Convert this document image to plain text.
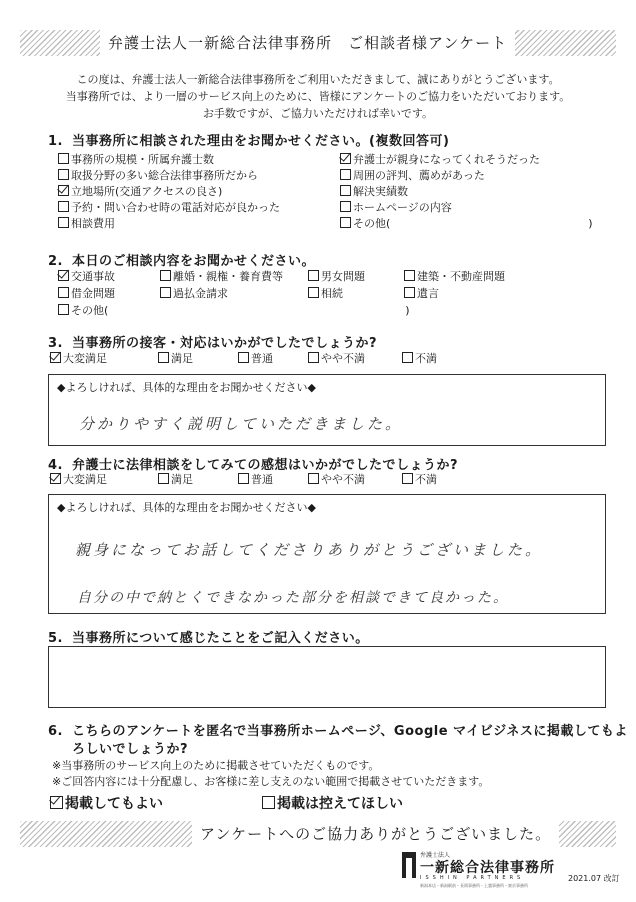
弁護士法人一新総合法律事務所　ご相談者様アンケート
この度は、弁護士法人一新総合法律事務所をご利用いただきまして、誠にありがとうございます。
当事務所では、より一層のサービス向上のために、皆様にアンケートのご協力をいただいております。
お手数ですが、ご協力いただければ幸いです。
1. 当事務所に相談された理由をお聞かせください。(複数回答可)
事務所の規模・所属弁護士数	弁護士が親身になってくれそうだった
取扱分野の多い総合法律事務所だから	周囲の評判、薦めがあった
立地場所(交通アクセスの良さ)	解決実績数
予約・問い合わせ時の電話対応が良かった	ホームページの内容
相談費用	その他(　　　　　　　　　　　　　　　　　　)
2. 本日のご相談内容をお聞かせください。
交通事故	離婚・親権・養育費等	男女問題	建築・不動産問題
借金問題	過払金請求	相続	遺言
その他(　　　　　　　　　　　　　　　　　　　　　　　　　　　)
3. 当事務所の接客・対応はいかがでしたでしょうか?
大変満足	満足	普通	やや不満	不満
◆よろしければ、具体的な理由をお聞かせください◆
分かりやすく説明していただきました。
4. 弁護士に法律相談をしてみての感想はいかがでしたでしょうか?
大変満足	満足	普通	やや不満	不満
◆よろしければ、具体的な理由をお聞かせください◆
親身になってお話してくださりありがとうございました。
自分の中で納とくできなかった部分を相談できて良かった。
5. 当事務所について感じたことをご記入ください。
6. こちらのアンケートを匿名で当事務所ホームページ、Google マイビジネスに掲載してもよ
ろしいでしょうか?
※当事務所のサービス向上のために掲載させていただくものです。
※ご回答内容には十分配慮し、お客様に差し支えのない範囲で掲載させていただきます。
掲載してもよい	掲載は控えてほしい
アンケートへのご協力ありがとうございました。
弁護士法人
一新総合法律事務所
ISSHIN PARTNERS
新潟本店・新潟駅前・長岡事務所・上越事務所・東京事務所
2021.07 改訂
